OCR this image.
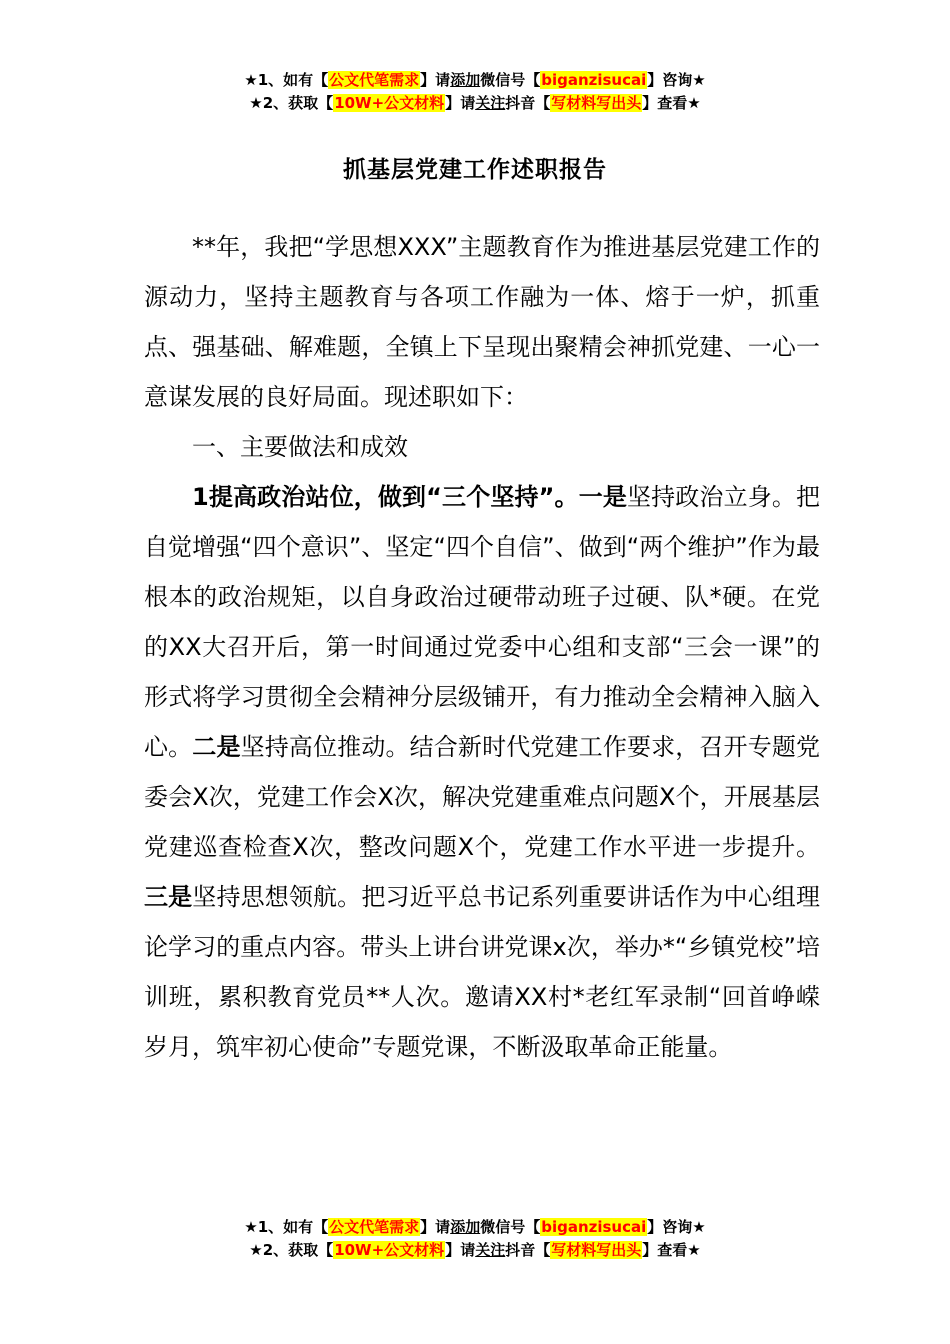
★1、如有【公文代笔需求】请添加微信号【biganzisucai】咨询★
★2、获取【10W+公文材料】请关注抖音【写材料写出头】查看★
抓基层党建工作述职报告

**年，我把“学思想XXX”主题教育作为推进基层党建工作的源动力，坚持主题教育与各项工作融为一体、熔于一炉，抓重点、强基础、解难题，全镇上下呈现出聚精会神抓党建、一心一意谋发展的良好局面。现述职如下：

一、主要做法和成效

1提高政治站位，做到“三个坚持”。一是坚持政治立身。把自觉增强“四个意识”、坚定“四个自信”、做到“两个维护”作为最根本的政治规矩，以自身政治过硬带动班子过硬、队*硬。在党的XX大召开后，第一时间通过党委中心组和支部“三会一课”的形式将学习贯彻全会精神分层级铺开，有力推动全会精神入脑入心。二是坚持高位推动。结合新时代党建工作要求，召开专题党委会X次，党建工作会X次，解决党建重难点问题X个，开展基层党建巡查检查X次，整改问题X个，党建工作水平进一步提升。三是坚持思想领航。把习近平总书记系列重要讲话作为中心组理论学习的重点内容。带头上讲台讲党课x次，举办*“乡镇党校”培训班，累积教育党员**人次。邀请XX村*老红军录制“回首峥嵘岁月，筑牢初心使命”专题党课，不断汲取革命正能量。

★1、如有【公文代笔需求】请添加微信号【biganzisucai】咨询★
★2、获取【10W+公文材料】请关注抖音【写材料写出头】查看★
